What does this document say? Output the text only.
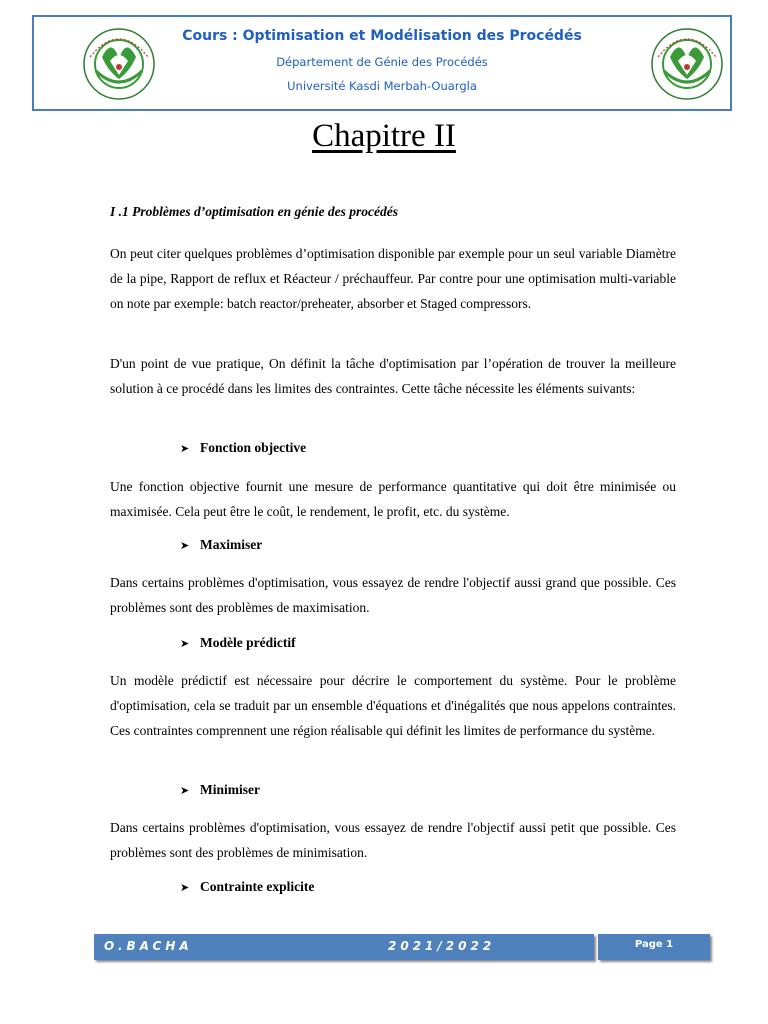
Cours : Optimisation et Modélisation des Procédés
Département de Génie des Procédés
Université Kasdi Merbah-Ouargla
Chapitre II
I .1 Problèmes d’optimisation en génie des procédés
On peut citer quelques problèmes d’optimisation disponible par exemple pour un seul variable Diamètre de la pipe, Rapport de reflux et Réacteur / préchauffeur. Par contre pour une optimisation multi-variable on note par exemple: batch reactor/preheater, absorber et Staged compressors.
D'un point de vue pratique, On définit la tâche d'optimisation par l’opération de trouver la meilleure solution à ce procédé dans les limites des contraintes. Cette tâche nécessite les éléments suivants:
➤ Fonction objective
Une fonction objective fournit une mesure de performance quantitative qui doit être minimisée ou maximisée. Cela peut être le coût, le rendement, le profit, etc. du système.
➤ Maximiser
Dans certains problèmes d'optimisation, vous essayez de rendre l'objectif aussi grand que possible. Ces problèmes sont des problèmes de maximisation.
➤ Modèle prédictif
Un modèle prédictif est nécessaire pour décrire le comportement du système. Pour le problème d'optimisation, cela se traduit par un ensemble d'équations et d'inégalités que nous appelons contraintes. Ces contraintes comprennent une région réalisable qui définit les limites de performance du système.
➤ Minimiser
Dans certains problèmes d'optimisation, vous essayez de rendre l'objectif aussi petit que possible. Ces problèmes sont des problèmes de minimisation.
➤ Contrainte explicite
O.BACHA	2021/2022	Page 1
